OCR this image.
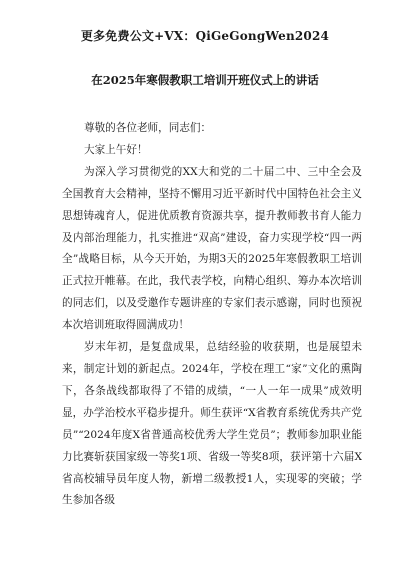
更多免费公文+VX：QiGeGongWen2024
在2025年寒假教职工培训开班仪式上的讲话

尊敬的各位老师，同志们：

大家上午好！

为深入学习贯彻党的XX大和党的二十届二中、三中全会及全国教育大会精神，坚持不懈用习近平新时代中国特色社会主义思想铸魂育人，促进优质教育资源共享，提升教师教书育人能力及内部治理能力，扎实推进“双高”建设，奋力实现学校“四一两全”战略目标，从今天开始，为期3天的2025年寒假教职工培训正式拉开帷幕。在此，我代表学校，向精心组织、筹办本次培训的同志们，以及受邀作专题讲座的专家们表示感谢，同时也预祝本次培训班取得圆满成功！

岁末年初，是复盘成果，总结经验的收获期，也是展望未来，制定计划的新起点。2024年，学校在理工“家”文化的熏陶下，各条战线都取得了不错的成绩，“一人一年一成果”成效明显，办学治校水平稳步提升。师生获评“X省教育系统优秀共产党员”“2024年度X省普通高校优秀大学生党员”；教师参加职业能力比赛斩获国家级一等奖1项、省级一等奖8项，获评第十六届X省高校辅导员年度人物，新增二级教授1人，实现零的突破；学生参加各级
